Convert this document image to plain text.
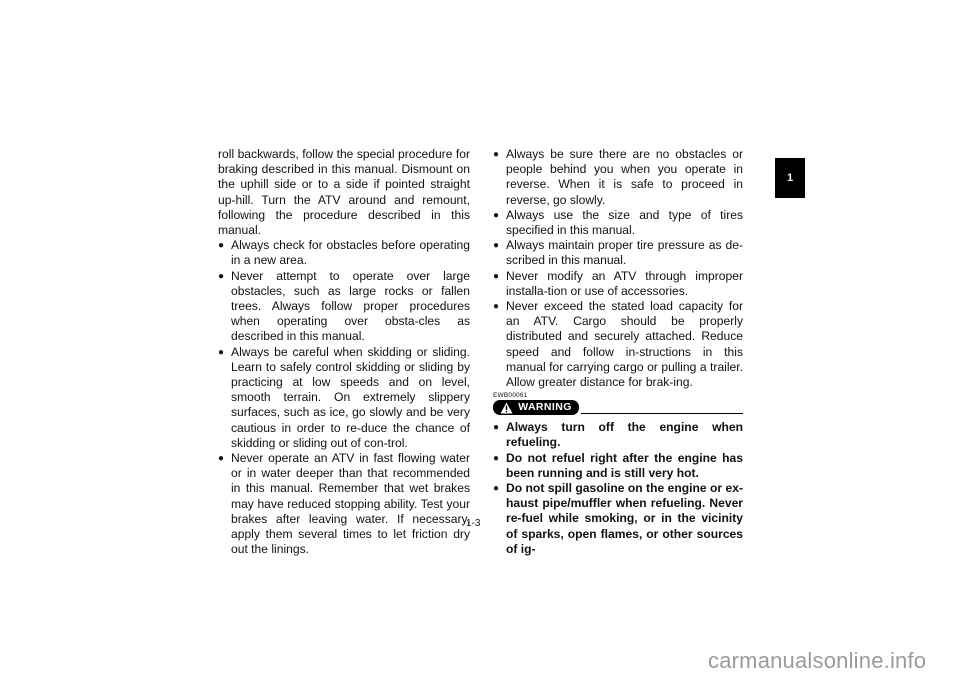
roll backwards, follow the special procedure for braking described in this manual. Dismount on the uphill side or to a side if pointed straight up-hill. Turn the ATV around and remount, following the procedure described in this manual.

● Always check for obstacles before operating in a new area.
● Never attempt to operate over large obstacles, such as large rocks or fallen trees. Always follow proper procedures when operating over obsta-cles as described in this manual.
● Always be careful when skidding or sliding. Learn to safely control skidding or sliding by practicing at low speeds and on level, smooth terrain. On extremely slippery surfaces, such as ice, go slowly and be very cautious in order to re-duce the chance of skidding or sliding out of con-trol.
● Never operate an ATV in fast flowing water or in water deeper than that recommended in this manual. Remember that wet brakes may have reduced stopping ability. Test your brakes after leaving water. If necessary, apply them several times to let friction dry out the linings.
● Always be sure there are no obstacles or people behind you when you operate in reverse. When it is safe to proceed in reverse, go slowly.
● Always use the size and type of tires specified in this manual.
● Always maintain proper tire pressure as de-scribed in this manual.
● Never modify an ATV through improper installa-tion or use of accessories.
● Never exceed the stated load capacity for an ATV. Cargo should be properly distributed and securely attached. Reduce speed and follow in-structions in this manual for carrying cargo or pulling a trailer. Allow greater distance for brak-ing.
EWB00061
WARNING
● Always turn off the engine when refueling.
● Do not refuel right after the engine has been running and is still very hot.
● Do not spill gasoline on the engine or ex-haust pipe/muffler when refueling. Never re-fuel while smoking, or in the vicinity of sparks, open flames, or other sources of ig-
1
1-3
carmanualsonline.info
